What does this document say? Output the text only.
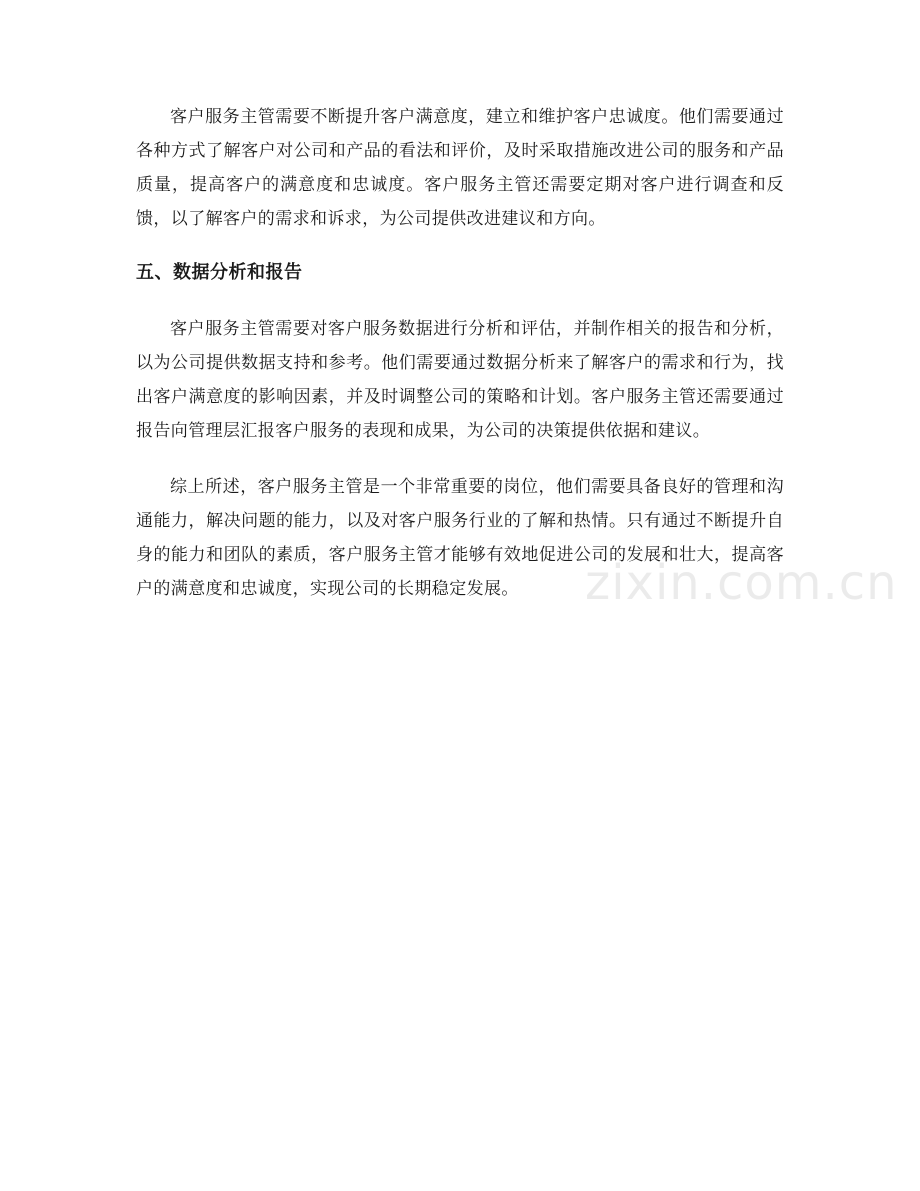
客户服务主管需要不断提升客户满意度，建立和维护客户忠诚度。他们需要通过各种方式了解客户对公司和产品的看法和评价，及时采取措施改进公司的服务和产品质量，提高客户的满意度和忠诚度。客户服务主管还需要定期对客户进行调查和反馈，以了解客户的需求和诉求，为公司提供改进建议和方向。

五、数据分析和报告

客户服务主管需要对客户服务数据进行分析和评估，并制作相关的报告和分析，以为公司提供数据支持和参考。他们需要通过数据分析来了解客户的需求和行为，找出客户满意度的影响因素，并及时调整公司的策略和计划。客户服务主管还需要通过报告向管理层汇报客户服务的表现和成果，为公司的决策提供依据和建议。

综上所述，客户服务主管是一个非常重要的岗位，他们需要具备良好的管理和沟通能力，解决问题的能力，以及对客户服务行业的了解和热情。只有通过不断提升自身的能力和团队的素质，客户服务主管才能够有效地促进公司的发展和壮大，提高客户的满意度和忠诚度，实现公司的长期稳定发展。	zixin.com.cn
